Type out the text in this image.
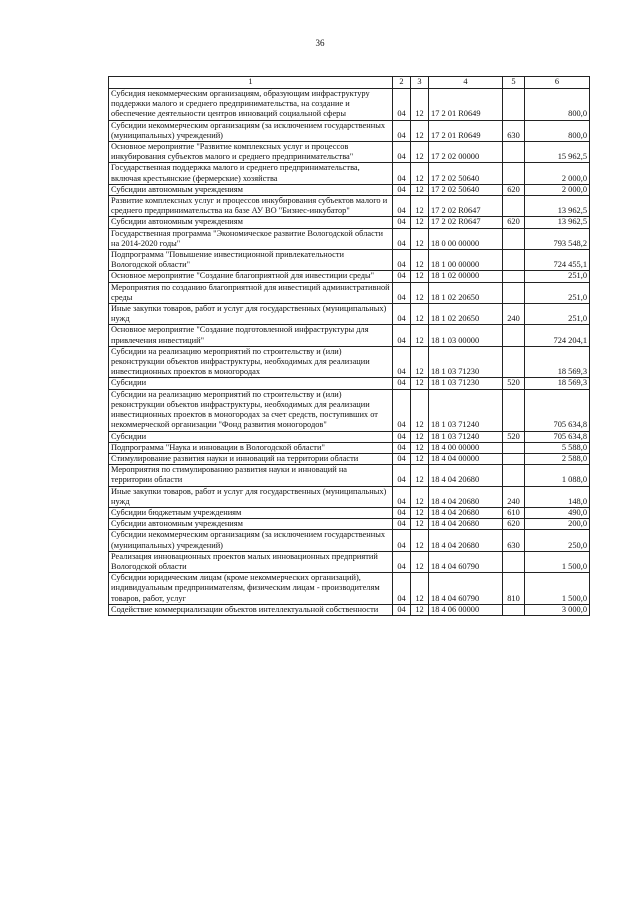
36
1	2	3	4	5	6
Субсидия некоммерческим организациям, образующим инфраструктуру поддержки малого и среднего предпринимательства, на создание и обеспечение деятельности центров инноваций социальной сферы	04	12	17 2 01 R0649		800,0
Субсидии некоммерческим организациям (за исключением государственных (муниципальных) учреждений)	04	12	17 2 01 R0649	630	800,0
Основное мероприятие "Развитие комплексных услуг и процессов инкубирования субъектов малого и среднего предпринимательства"	04	12	17 2 02 00000		15 962,5
Государственная поддержка малого и среднего предпринимательства, включая крестьянские (фермерские) хозяйства	04	12	17 2 02 50640		2 000,0
Субсидии автономным учреждениям	04	12	17 2 02 50640	620	2 000,0
Развитие комплексных услуг и процессов инкубирования субъектов малого и среднего предпринимательства на базе АУ ВО "Бизнес-инкубатор"	04	12	17 2 02 R0647		13 962,5
Субсидии автономным учреждениям	04	12	17 2 02 R0647	620	13 962,5
Государственная программа "Экономическое развитие Вологодской области на 2014-2020 годы"	04	12	18 0 00 00000		793 548,2
Подпрограмма "Повышение инвестиционной привлекательности Вологодской области"	04	12	18 1 00 00000		724 455,1
Основное мероприятие "Создание благоприятной для инвестиции среды"	04	12	18 1 02 00000		251,0
Мероприятия по созданию благоприятной для инвестиций административной среды	04	12	18 1 02 20650		251,0
Иные закупки товаров, работ и услуг для государственных (муниципальных) нужд	04	12	18 1 02 20650	240	251,0
Основное мероприятие "Создание подготовленной инфраструктуры для привлечения инвестиций"	04	12	18 1 03 00000		724 204,1
Субсидии на реализацию мероприятий по строительству и (или) реконструкции объектов инфраструктуры, необходимых для реализации инвестиционных проектов в моногородах	04	12	18 1 03 71230		18 569,3
Субсидии	04	12	18 1 03 71230	520	18 569,3
Субсидии на реализацию мероприятий по строительству и (или) реконструкции объектов инфраструктуры, необходимых для реализации инвестиционных проектов в моногородах за счет средств, поступивших от некоммерческой организации "Фонд развития моногородов"	04	12	18 1 03 71240		705 634,8
Субсидии	04	12	18 1 03 71240	520	705 634,8
Подпрограмма "Наука и инновации в Вологодской области"	04	12	18 4 00 00000		5 588,0
Стимулирование развития науки и инноваций на территории области	04	12	18 4 04 00000		2 588,0
Мероприятия по стимулированию развития науки и инноваций на территории области	04	12	18 4 04 20680		1 088,0
Иные закупки товаров, работ и услуг для государственных (муниципальных) нужд	04	12	18 4 04 20680	240	148,0
Субсидии бюджетным учреждениям	04	12	18 4 04 20680	610	490,0
Субсидии автономным учреждениям	04	12	18 4 04 20680	620	200,0
Субсидии некоммерческим организациям (за исключением государственных (муниципальных) учреждений)	04	12	18 4 04 20680	630	250,0
Реализация инновационных проектов малых инновационных предприятий Вологодской области	04	12	18 4 04 60790		1 500,0
Субсидии юридическим лицам (кроме некоммерческих организаций), индивидуальным предпринимателям, физическим лицам - производителям товаров, работ, услуг	04	12	18 4 04 60790	810	1 500,0
Содействие коммерциализации объектов интеллектуальной собственности	04	12	18 4 06 00000		3 000,0
